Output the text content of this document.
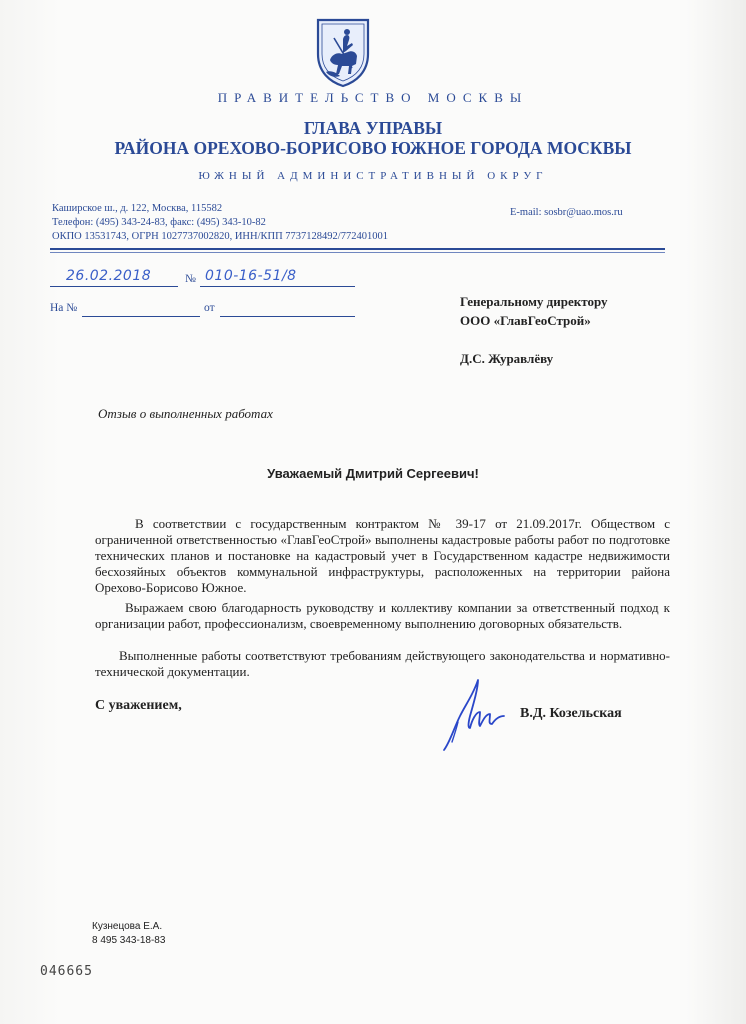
ПРАВИТЕЛЬСТВО МОСКВЫ
ГЛАВА УПРАВЫ
РАЙОНА ОРЕХОВО-БОРИСОВО ЮЖНОЕ ГОРОДА МОСКВЫ
ЮЖНЫЙ АДМИНИСТРАТИВНЫЙ ОКРУГ
Каширское ш., д. 122, Москва, 115582
Телефон: (495) 343-24-83, факс: (495) 343-10-82
ОКПО 13531743, ОГРН 1027737002820, ИНН/КПП 7737128492/772401001
E-mail: sosbr@uao.mos.ru
26.02.2018	№ 010-16-51/8
На №	от	Генеральному директору
ООО «ГлавГеоСтрой»
Д.С. Журавлёву
Отзыв о выполненных работах
Уважаемый Дмитрий Сергеевич!
В соответствии с государственным контрактом № 39-17 от 21.09.2017г. Обществом с ограниченной ответственностью «ГлавГеоСтрой» выполнены кадастровые работы работ по подготовке технических планов и постановке на кадастровый учет в Государственном кадастре недвижимости бесхозяйных объектов коммунальной инфраструктуры, расположенных на территории района Орехово-Борисово Южное.
Выражаем свою благодарность руководству и коллективу компании за ответственный подход к организации работ, профессионализм, своевременному выполнению договорных обязательств.
Выполненные работы соответствуют требованиям действующего законодательства и нормативно-технической документации.
С уважением,
В.Д. Козельская
Кузнецова Е.А.
8 495 343-18-83
046665
